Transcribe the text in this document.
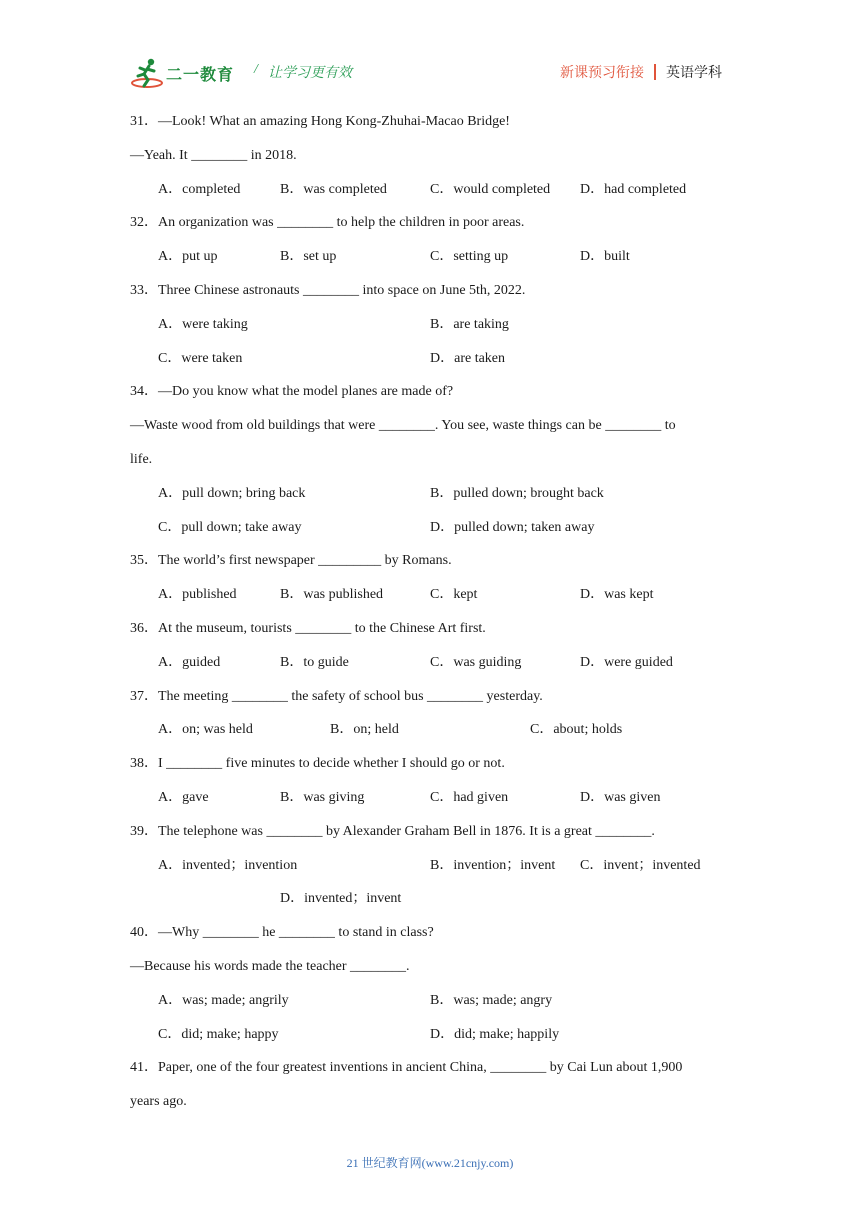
二一教育 / 让学习更有效	新课预习衔接 英语学科
31．—Look! What an amazing Hong Kong-Zhuhai-Macao Bridge!
—Yeah. It ________ in 2018.
A．completed	B．was completed	C．would completed D．had completed
32．An organization was ________ to help the children in poor areas.
A．put up	B．set up	C．setting up	D．built
33．Three Chinese astronauts ________ into space on June 5th, 2022.
A．were taking	B．are taking
C．were taken	D．are taken
34．—Do you know what the model planes are made of?
—Waste wood from old buildings that were ________. You see, waste things can be ________ to
life.
A．pull down; bring back	B．pulled down; brought back
C．pull down; take away	D．pulled down; taken away
35．The world’s first newspaper _________ by Romans.
A．published	B．was published	C．kept	D．was kept
36．At the museum, tourists ________ to the Chinese Art first.
A．guided	B．to guide	C．was guiding	D．were guided
37．The meeting ________ the safety of school bus ________ yesterday.
A．on; was held	B．on; held	C．about; holds
38．I ________ five minutes to decide whether I should go or not.
A．gave	B．was giving	C．had given	D．was given
39．The telephone was ________ by Alexander Graham Bell in 1876. It is a great ________.
A．invented；invention	B．invention；invent C．invent；invented
D．invented；invent
40．—Why ________ he ________ to stand in class?
—Because his words made the teacher ________.
A．was; made; angrily	B．was; made; angry
C．did; make; happy	D．did; make; happily
41．Paper, one of the four greatest inventions in ancient China, ________ by Cai Lun about 1,900
years ago.
21 世纪教育网(www.21cnjy.com)
